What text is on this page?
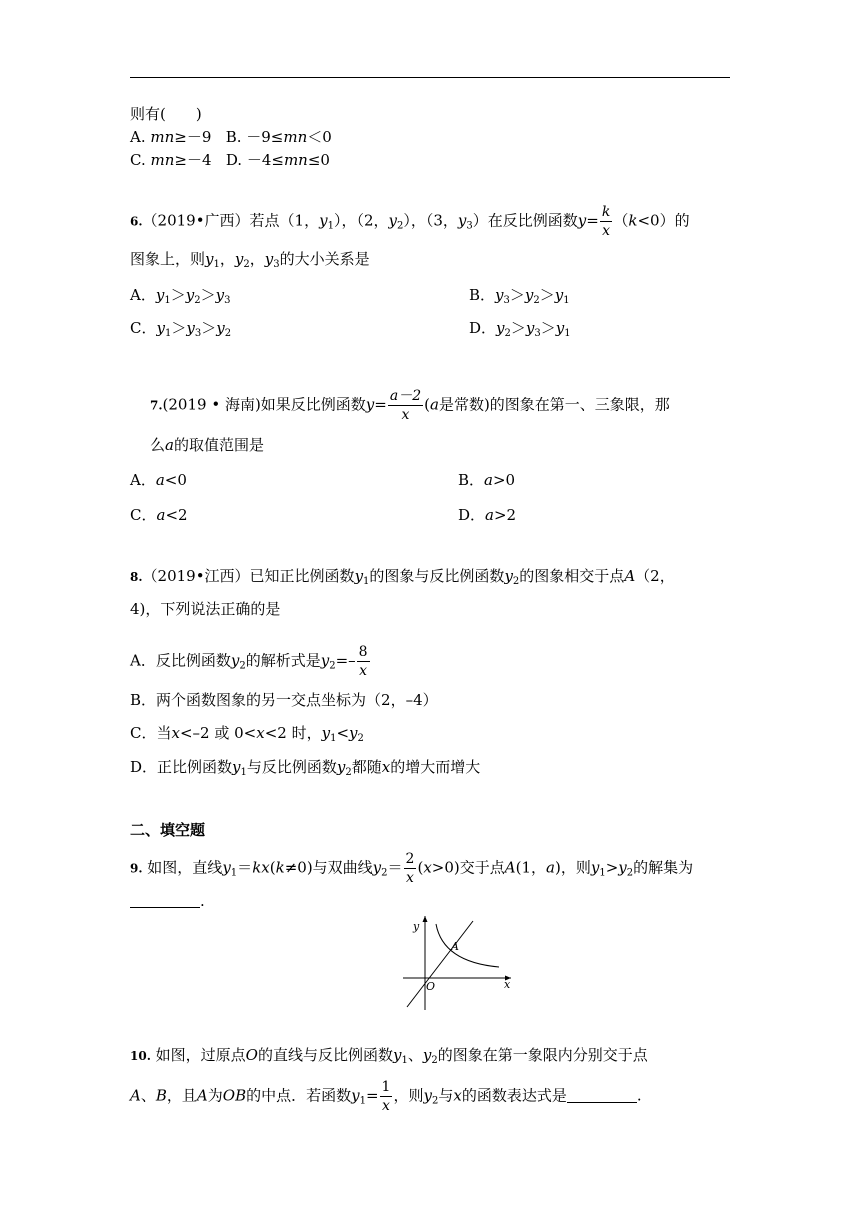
则有(　　)
A. mn≥－9 B. －9≤mn＜0
C. mn≥－4 D. －4≤mn≤0
6.（2019•广西）若点（1，$y_1$），（2，$y_2$），（3，$y_3$）在反比例函数$y= \frac{k}{x} (k<0)$的
图象上，则$y_1$，$y_2$，$y_3$的大小关系是
A．$y_1>y_2>y_3$	B．$y_3>y_2>y_1$
C．$y_1>y_3>y_2$	D．$y_2>y_3>y_1$
7.(2019 • 海南)如果反比例函数$y= \frac{a-2}{x} (a$是常数)的图象在第一、三象限，那
么a的取值范围是
A．a<0	B．a>0
C．a<2	D．a>2
8.（2019•江西）已知正比例函数$y_1$的图象与反比例函数$y_2$的图象相交于点A（2，
4)，下列说法正确的是
A．反比例函数$y_2$的解析式是$y_2=- \frac{8}{x}$
B．两个函数图象的另一交点坐标为（2，–4）
C．当x<–2 或 0<x<2 时，$y_1<y_2$
D．正比例函数$y_1$与反比例函数$y_2$都随x的增大而增大
二、填空题
9. 如图，直线$y_1=kx(k\ne 0)$与双曲线$y_2= \frac{2}{x} (x>0)$交于点A(1，a)，则$y_1>y_2$的解集为
.
y
x
O
A
10. 如图，过原点O的直线与反比例函数$y_1$、$y_2$的图象在第一象限内分别交于点
A、B，且A为OB的中点．若函数$y_1= \frac{1}{x}$ ，则$y_2$与x的函数表达式是	.
